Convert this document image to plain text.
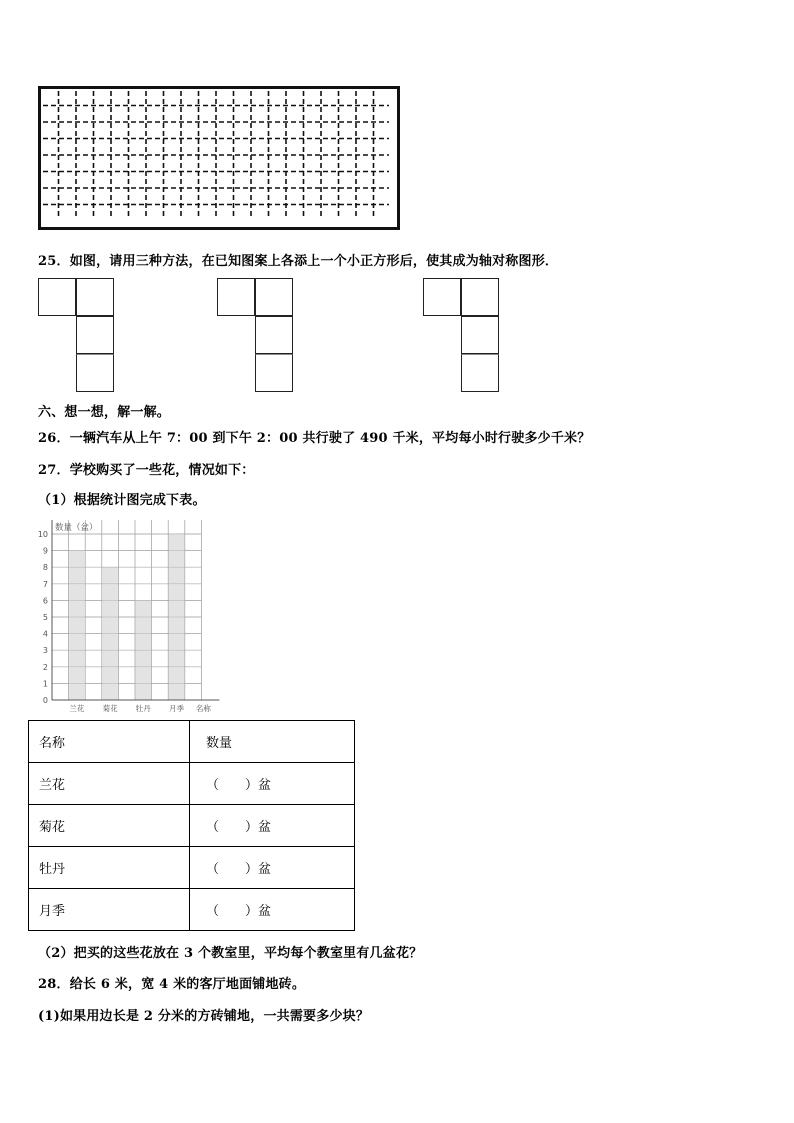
25．如图，请用三种方法，在已知图案上各添上一个小正方形后，使其成为轴对称图形．
六、想一想，解一解。
26．一辆汽车从上午 7：00 到下午 2：00 共行驶了 490 千米，平均每小时行驶多少千米？
27．学校购买了一些花，情况如下：
（1）根据统计图完成下表。
0
1
2
3
4
5
6
7
8
9
10
数量（盆）
兰花 菊花 牡丹 月季 名称
名称	数量
兰花	（　　）盆
菊花	（　　）盆
牡丹	（　　）盆
月季	（　　）盆
（2）把买的这些花放在 3 个教室里，平均每个教室里有几盆花？
28．给长 6 米，宽 4 米的客厅地面铺地砖。
(1)如果用边长是 2 分米的方砖铺地，一共需要多少块？
